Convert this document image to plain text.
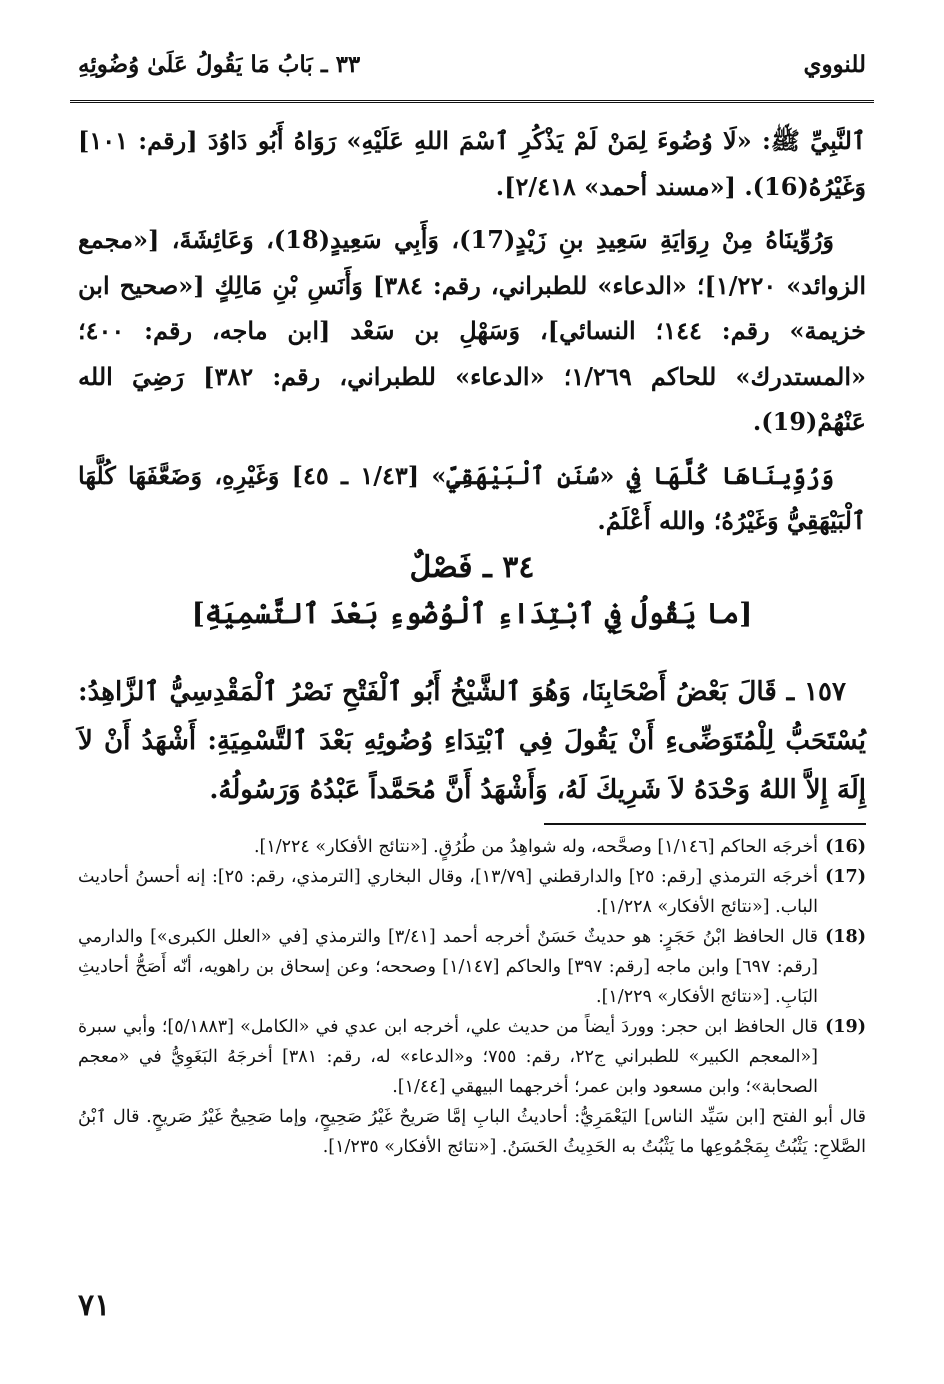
للنووي
٣٣ ـ بَابُ مَا يَقُولُ عَلَىٰ وُضُوئِهِ

ٱلنَّبِيِّ ﷺ: «لَا وُضُوءَ لِمَنْ لَمْ يَذْكُرِ ٱسْمَ اللهِ عَلَيْهِ» رَوَاهُ أَبُو دَاوُدَ [رقم: ١٠١] وَغَيْرُهُ(16). [«مسند أحمد» ٢/٤١٨].

وَرُوِّينَاهُ مِنْ رِوَايَةِ سَعِيدِ بنِ زَيْدٍ(17)، وَأَبِي سَعِيدٍ(18)، وَعَائِشَةَ، [«مجمع الزوائد» ١/٢٢٠]؛ «الدعاء» للطبراني، رقم: ٣٨٤] وَأَنَسِ بْنِ مَالِكٍ [«صحيح ابن خزيمة» رقم: ١٤٤؛ النسائي]، وَسَهْلِ بن سَعْد [ابن ماجه، رقم: ٤٠٠؛ «المستدرك» للحاكم ١/٢٦٩؛ «الدعاء» للطبراني، رقم: ٣٨٢] رَضِيَ الله عَنْهُمْ(19).

وَرُوِّينَاهَا كُلَّهَا فِي «سُنَنِ ٱلْبَيْهَقِيِّ» [١/٤٣ ـ ٤٥] وَغَيْرِهِ، وَضَعَّفَهَا كُلَّهَا ٱلْبَيْهَقِيُّ وَغَيْرُهُ؛ والله أَعْلَمُ.

٣٤ ـ فَصْلٌ
[ما يَقُولُ فِي ٱبْتِدَاءِ ٱلْوُضُوءِ بَعْدَ ٱلتَّسْمِيَةِ]

١٥٧ ـ قَالَ بَعْضُ أَصْحَابِنَا، وَهُوَ ٱلشَّيْخُ أَبُو ٱلْفَتْحِ نَصْرُ ٱلْمَقْدِسِيُّ ٱلزَّاهِدُ: يُسْتَحَبُّ لِلْمُتَوَضِّىءِ أَنْ يَقُولَ فِي ٱبْتِدَاءِ وُضُوئِهِ بَعْدَ ٱلتَّسْمِيَةِ: أَشْهَدُ أَنْ لاَ إِلَهَ إِلاَّ اللهُ وَحْدَهُ لاَ شَرِيكَ لَهُ، وَأَشْهَدُ أَنَّ مُحَمَّداً عَبْدُهُ وَرَسُولُهُ.

(16)
أخرجَه الحاكم [١/١٤٦] وصحَّحه، وله شواهِدُ من طُرُقٍ. [«نتائج الأفكار» ١/٢٢٤].
(17)
أخرجَه الترمذي [رقم: ٢٥] والدارقطني [١٣/٧٩]، وقال البخاري [الترمذي، رقم: ٢٥]: إنه أحسنُ أحاديث الباب. [«نتائج الأفكار» ١/٢٢٨].
(18)
قال الحافظ ابْنُ حَجَرٍ: هو حديثٌ حَسَنٌ أخرجه أحمد [٣/٤١] والترمذي [في «العلل الكبرى»] والدارمي [رقم: ٦٩٧] وابن ماجه [رقم: ٣٩٧] والحاكم [١/١٤٧] وصححه؛ وعن إسحاق بن راهويه، أنّه أَصَحُّ أحاديثِ البَابِ. [«نتائج الأفكار» ١/٢٢٩].
(19)
قال الحافظ ابن حجر: ووردَ أيضاً من حديث علي، أخرجه ابن عدي في «الكامل» [٥/١٨٨٣]؛ وأبي سبرة [«المعجم الكبير» للطبراني ج٢٢، رقم: ٧٥٥؛ و«الدعاء» له، رقم: ٣٨١] أخرجَهُ البَغَوِيُّ في «معجم الصحابة»؛ وابن مسعود وابن عمر؛ أخرجهما البيهقي [١/٤٤].

قال أبو الفتح [ابن سَيِّد الناس] اليَعْمَرِيُّ: أحاديثُ البابِ إمَّا صَريحٌ غَيْرُ صَحِيحٍ، وإما صَحِيحٌ غَيْرُ صَريحٍ. قال ٱبْنُ الصَّلاحِ: يَثْبُتُ بِمَجْمُوعِها ما يَثْبُتُ به الحَدِيثُ الحَسَنُ. [«نتائج الأفكار» ١/٢٣٥].

٧١
